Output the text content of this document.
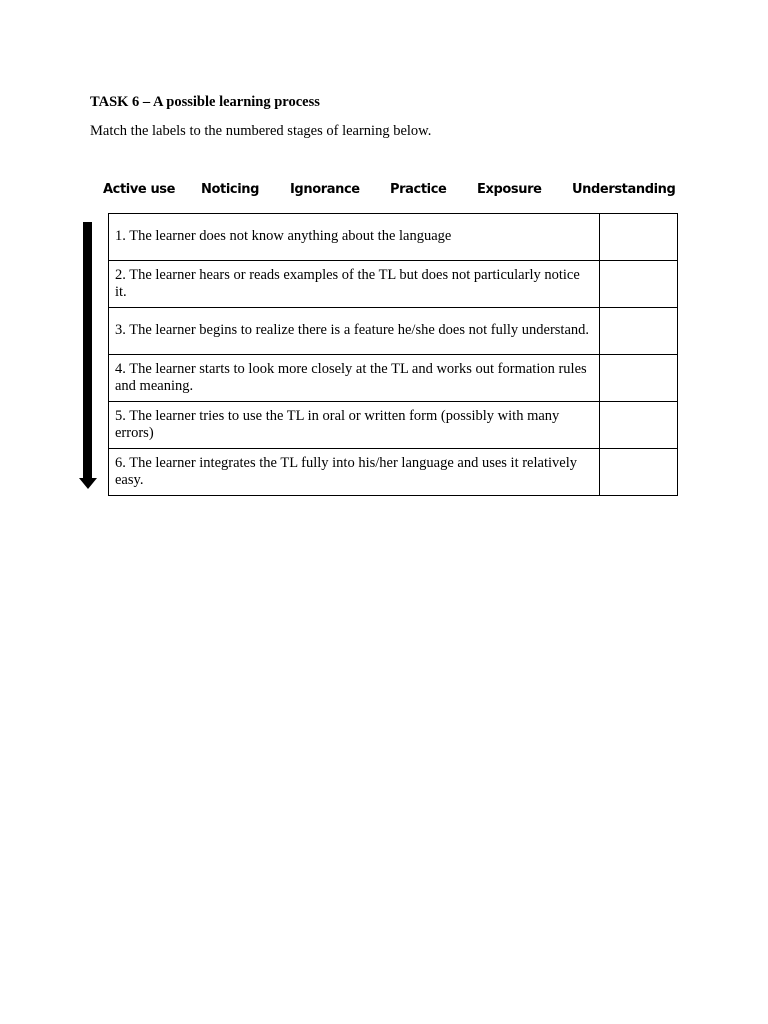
TASK 6 – A possible learning process
Match the labels to the numbered stages of learning below.
Active use Noticing Ignorance Practice Exposure Understanding
1. The learner does not know anything about the language	
2. The learner hears or reads examples of the TL but does not particularly notice it.	
3. The learner begins to realize there is a feature he/she does not fully understand.	
4. The learner starts to look more closely at the TL and works out formation rules and meaning.	
5. The learner tries to use the TL in oral or written form (possibly with many errors)	
6. The learner integrates the TL fully into his/her language and uses it relatively easy.	
